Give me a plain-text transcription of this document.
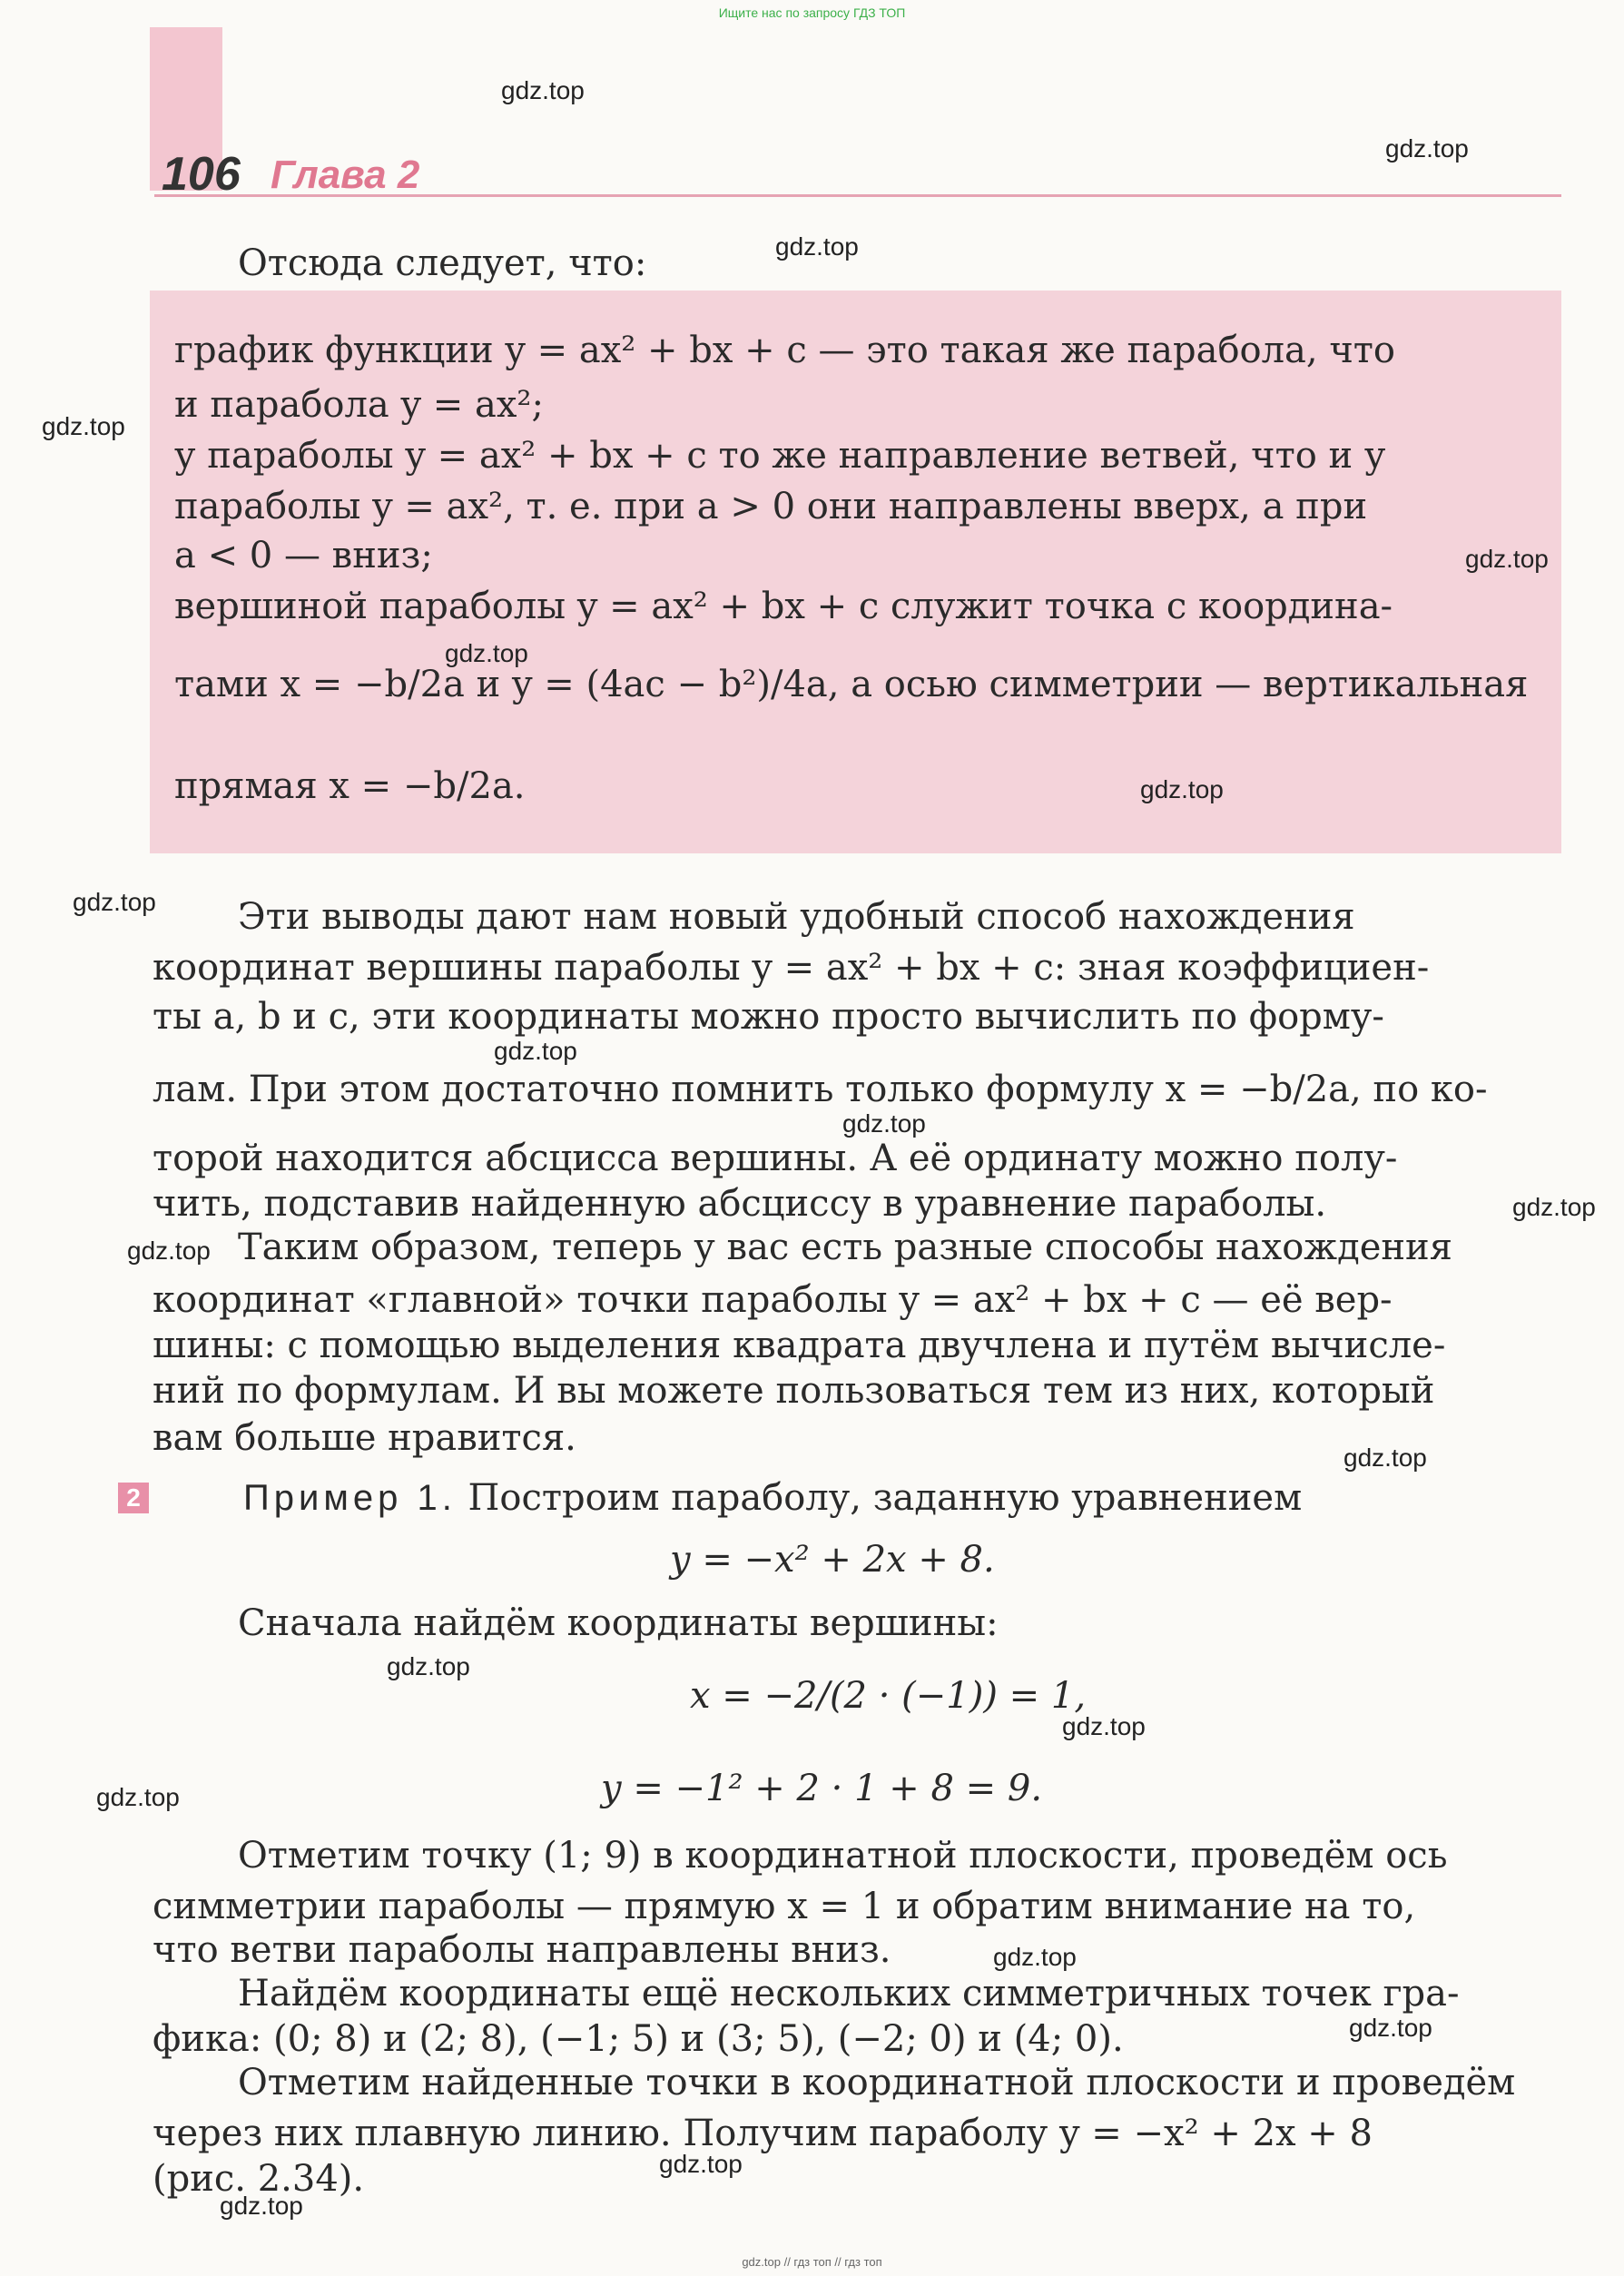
Ищите нас по запросу ГДЗ ТОП
106 Глава 2
Отсюда следует, что:
график функции y = ax² + bx + c — это такая же парабола, что
и парабола y = ax²;
у параболы y = ax² + bx + c то же направление ветвей, что и у
параболы y = ax², т. е. при a > 0 они направлены вверх, а при
a < 0 — вниз;
вершиной параболы y = ax² + bx + c служит точка с координа-
тами x = −b/2a и y = (4ac − b²)/4a, а осью симметрии — вертикальная
прямая x = −b/2a.
Эти выводы дают нам новый удобный способ нахождения
координат вершины параболы y = ax² + bx + c: зная коэффициен-
ты a, b и c, эти координаты можно просто вычислить по форму-
лам. При этом достаточно помнить только формулу x = −b/2a, по ко-
торой находится абсцисса вершины. А её ординату можно полу-
чить, подставив найденную абсциссу в уравнение параболы.
Таким образом, теперь у вас есть разные способы нахождения
координат «главной» точки параболы y = ax² + bx + c — её вер-
шины: с помощью выделения квадрата двучлена и путём вычисле-
ний по формулам. И вы можете пользоваться тем из них, который
вам больше нравится.
2	Пример 1. Построим параболу, заданную уравнением
y = −x² + 2x + 8.
Сначала найдём координаты вершины:
x = −2/(2 · (−1)) = 1,
y = −1² + 2 · 1 + 8 = 9.
Отметим точку (1; 9) в координатной плоскости, проведём ось
симметрии параболы — прямую x = 1 и обратим внимание на то,
что ветви параболы направлены вниз.
Найдём координаты ещё нескольких симметричных точек гра-
фика: (0; 8) и (2; 8), (−1; 5) и (3; 5), (−2; 0) и (4; 0).
Отметим найденные точки в координатной плоскости и проведём
через них плавную линию. Получим параболу y = −x² + 2x + 8
(рис. 2.34).
gdz.top
gdz.top
gdz.top
gdz.top
gdz.top
gdz.top
gdz.top
gdz.top
gdz.top
gdz.top
gdz.top
gdz.top
gdz.top
gdz.top
gdz.top
gdz.top
gdz.top
gdz.top
gdz.top
gdz.top
gdz.top // гдз топ // гдз топ
